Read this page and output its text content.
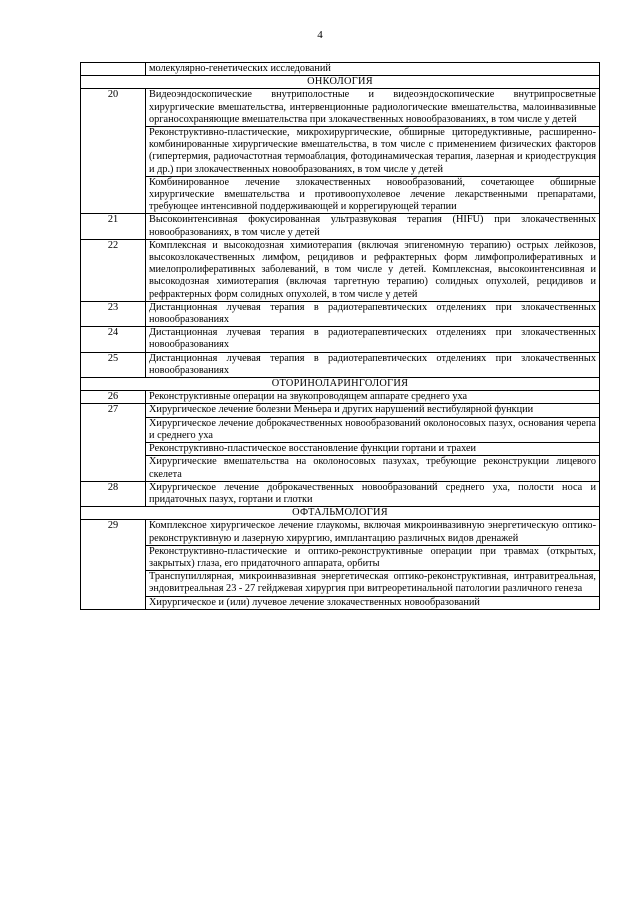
4
	молекулярно-генетических исследований
ОНКОЛОГИЯ	
20	Видеоэндоскопические внутриполостные и видеоэндоскопические внутрипросветные хирургические вмешательства, интервенционные радиологические вмешательства, малоинвазивные органосохраняющие вмешательства при злокачественных новообразованиях, в том числе у детей
	Реконструктивно-пластические, микрохирургические, обширные циторедуктивные, расширенно-комбинированные хирургические вмешательства, в том числе с применением физических факторов (гипертермия, радиочастотная термоаблация, фотодинамическая терапия, лазерная и криодеструкция и др.) при злокачественных новообразованиях, в том числе у детей
	Комбинированное лечение злокачественных новообразований, сочетающее обширные хирургические вмешательства и противоопухолевое лечение лекарственными препаратами, требующее интенсивной поддерживающей и коррегирующей терапии
21	Высокоинтенсивная фокусированная ультразвуковая терапия (HIFU) при злокачественных новообразованиях, в том числе у детей
22	Комплексная и высокодозная химиотерапия (включая эпигеномную терапию) острых лейкозов, высокозлокачественных лимфом, рецидивов и рефрактерных форм лимфопролиферативных и миелопролиферативных заболеваний, в том числе у детей. Комплексная, высокоинтенсивная и высокодозная химиотерапия (включая таргетную терапию) солидных опухолей, рецидивов и рефрактерных форм солидных опухолей, в том числе у детей
23	Дистанционная лучевая терапия в радиотерапевтических отделениях при злокачественных новообразованиях
24	Дистанционная лучевая терапия в радиотерапевтических отделениях при злокачественных новообразованиях
25	Дистанционная лучевая терапия в радиотерапевтических отделениях при злокачественных новообразованиях
ОТОРИНОЛАРИНГОЛОГИЯ	
26	Реконструктивные операции на звукопроводящем аппарате среднего уха
27	Хирургическое лечение болезни Меньера и других нарушений вестибулярной функции
	Хирургическое лечение доброкачественных новообразований околоносовых пазух, основания черепа и среднего уха
	Реконструктивно-пластическое восстановление функции гортани и трахеи
	Хирургические вмешательства на околоносовых пазухах, требующие реконструкции лицевого скелета
28	Хирургическое лечение доброкачественных новообразований среднего уха, полости носа и придаточных пазух, гортани и глотки
ОФТАЛЬМОЛОГИЯ	
29	Комплексное хирургическое лечение глаукомы, включая микроинвазивную энергетическую оптико-реконструктивную и лазерную хирургию, имплантацию различных видов дренажей
	Реконструктивно-пластические и оптико-реконструктивные операции при травмах (открытых, закрытых) глаза, его придаточного аппарата, орбиты
	Транспупиллярная, микроинвазивная энергетическая оптико-реконструктивная, интравитреальная, эндовитреальная 23 - 27 гейджевая хирургия при витреоретинальной патологии различного генеза
	Хирургическое и (или) лучевое лечение злокачественных новообразований
